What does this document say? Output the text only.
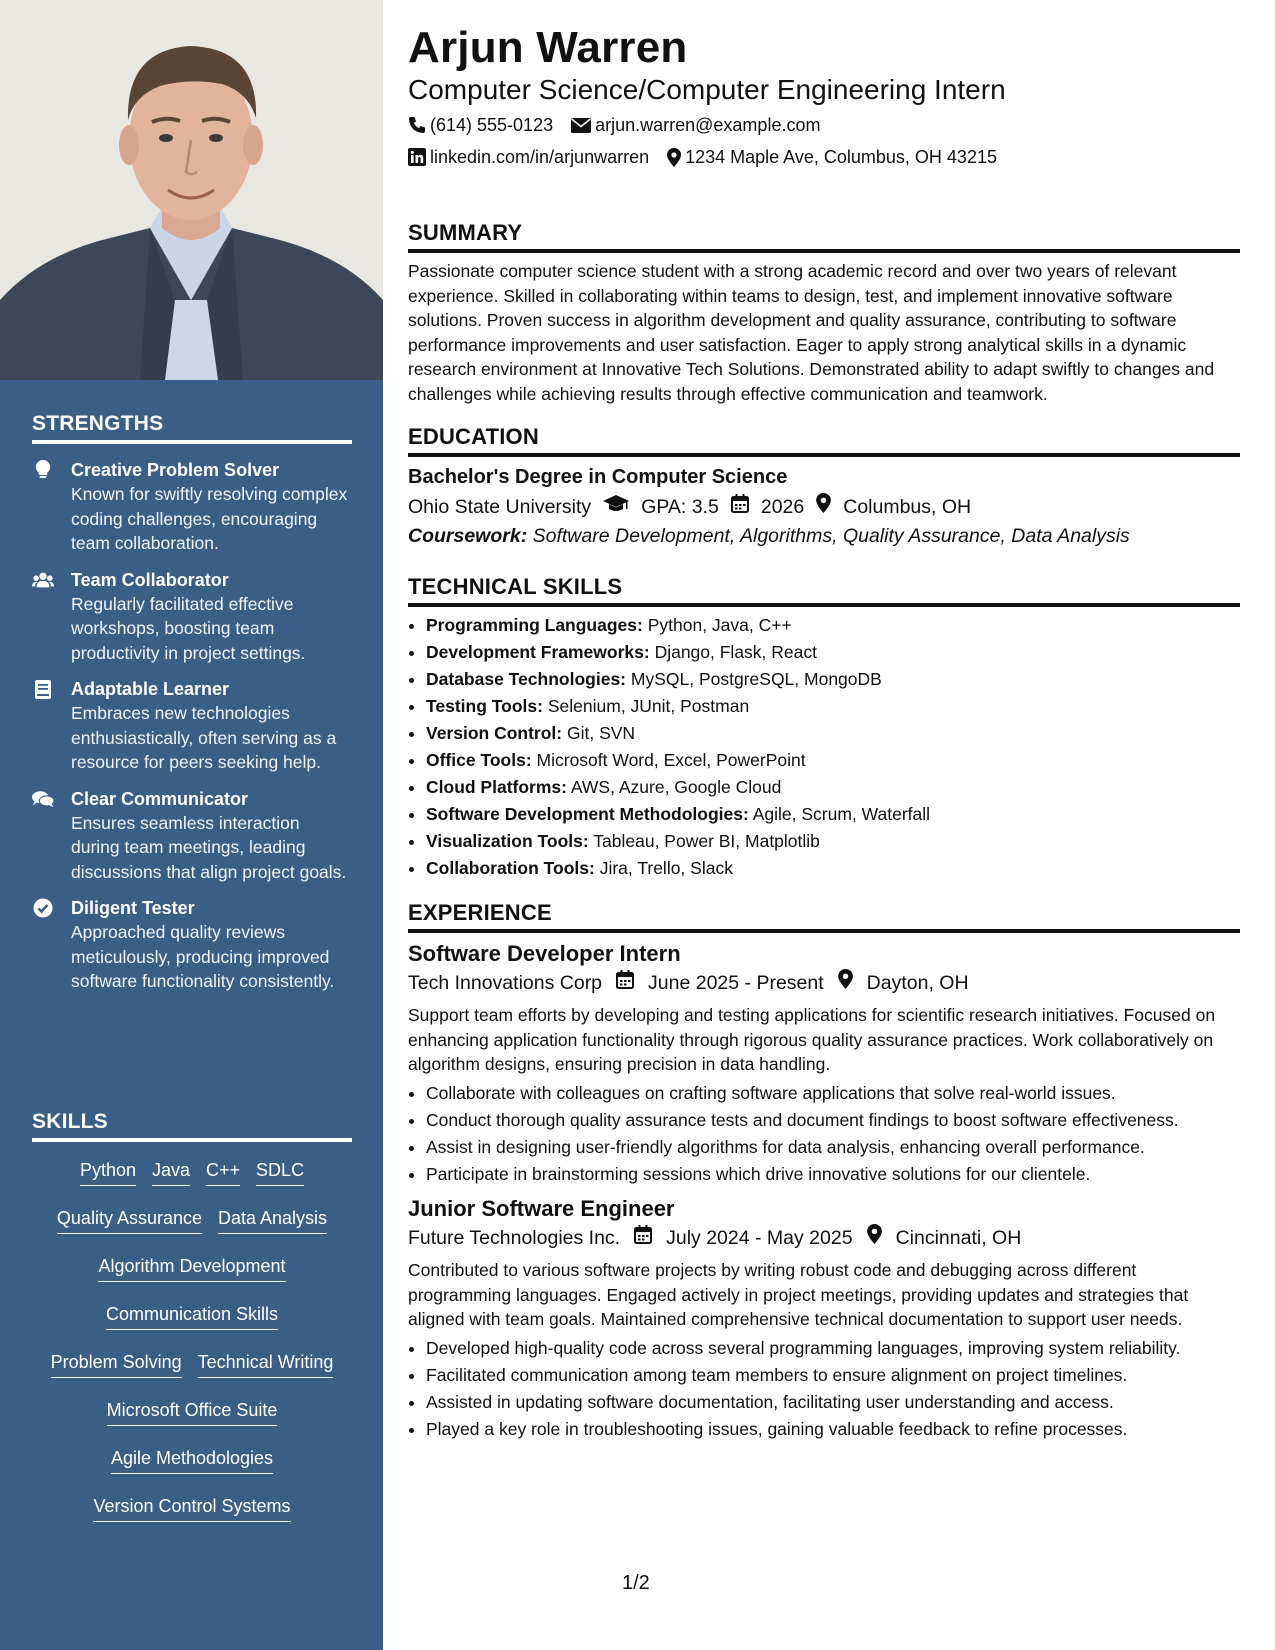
STRENGTHS
Creative Problem Solver
Known for swiftly resolving complex coding challenges, encouraging team collaboration.
Team Collaborator
Regularly facilitated effective workshops, boosting team productivity in project settings.
Adaptable Learner
Embraces new technologies enthusiastically, often serving as a resource for peers seeking help.
Clear Communicator
Ensures seamless interaction during team meetings, leading discussions that align project goals.
Diligent Tester
Approached quality reviews meticulously, producing improved software functionality consistently.
SKILLS
Python Java C++ SDLC
Quality Assurance Data Analysis
Algorithm Development
Communication Skills
Problem Solving Technical Writing
Microsoft Office Suite
Agile Methodologies
Version Control Systems
Arjun Warren
Computer Science/Computer Engineering Intern
(614) 555-0123 arjun.warren@example.com
linkedin.com/in/arjunwarren 1234 Maple Ave, Columbus, OH 43215
SUMMARY

Passionate computer science student with a strong academic record and over two years of relevant experience. Skilled in collaborating within teams to design, test, and implement innovative software solutions. Proven success in algorithm development and quality assurance, contributing to software performance improvements and user satisfaction. Eager to apply strong analytical skills in a dynamic research environment at Innovative Tech Solutions. Demonstrated ability to adapt swiftly to changes and challenges while achieving results through effective communication and teamwork.

EDUCATION
Bachelor's Degree in Computer Science
Ohio State University	GPA: 3.5 2026 Columbus, OH
Coursework: Software Development, Algorithms, Quality Assurance, Data Analysis
TECHNICAL SKILLS
• Programming Languages: Python, Java, C++
• Development Frameworks: Django, Flask, React
• Database Technologies: MySQL, PostgreSQL, MongoDB
• Testing Tools: Selenium, JUnit, Postman
• Version Control: Git, SVN
• Office Tools: Microsoft Word, Excel, PowerPoint
• Cloud Platforms: AWS, Azure, Google Cloud
• Software Development Methodologies: Agile, Scrum, Waterfall
• Visualization Tools: Tableau, Power BI, Matplotlib
• Collaboration Tools: Jira, Trello, Slack
EXPERIENCE
Software Developer Intern
Tech Innovations Corp June 2025 - Present Dayton, OH

Support team efforts by developing and testing applications for scientific research initiatives. Focused on enhancing application functionality through rigorous quality assurance practices. Work collaboratively on algorithm designs, ensuring precision in data handling.

• Collaborate with colleagues on crafting software applications that solve real-world issues.
• Conduct thorough quality assurance tests and document findings to boost software effectiveness.
• Assist in designing user-friendly algorithms for data analysis, enhancing overall performance.
• Participate in brainstorming sessions which drive innovative solutions for our clientele.
Junior Software Engineer
Future Technologies Inc. July 2024 - May 2025 Cincinnati, OH

Contributed to various software projects by writing robust code and debugging across different programming languages. Engaged actively in project meetings, providing updates and strategies that aligned with team goals. Maintained comprehensive technical documentation to support user needs.

• Developed high-quality code across several programming languages, improving system reliability.
• Facilitated communication among team members to ensure alignment on project timelines.
• Assisted in updating software documentation, facilitating user understanding and access.
• Played a key role in troubleshooting issues, gaining valuable feedback to refine processes.
1/2
